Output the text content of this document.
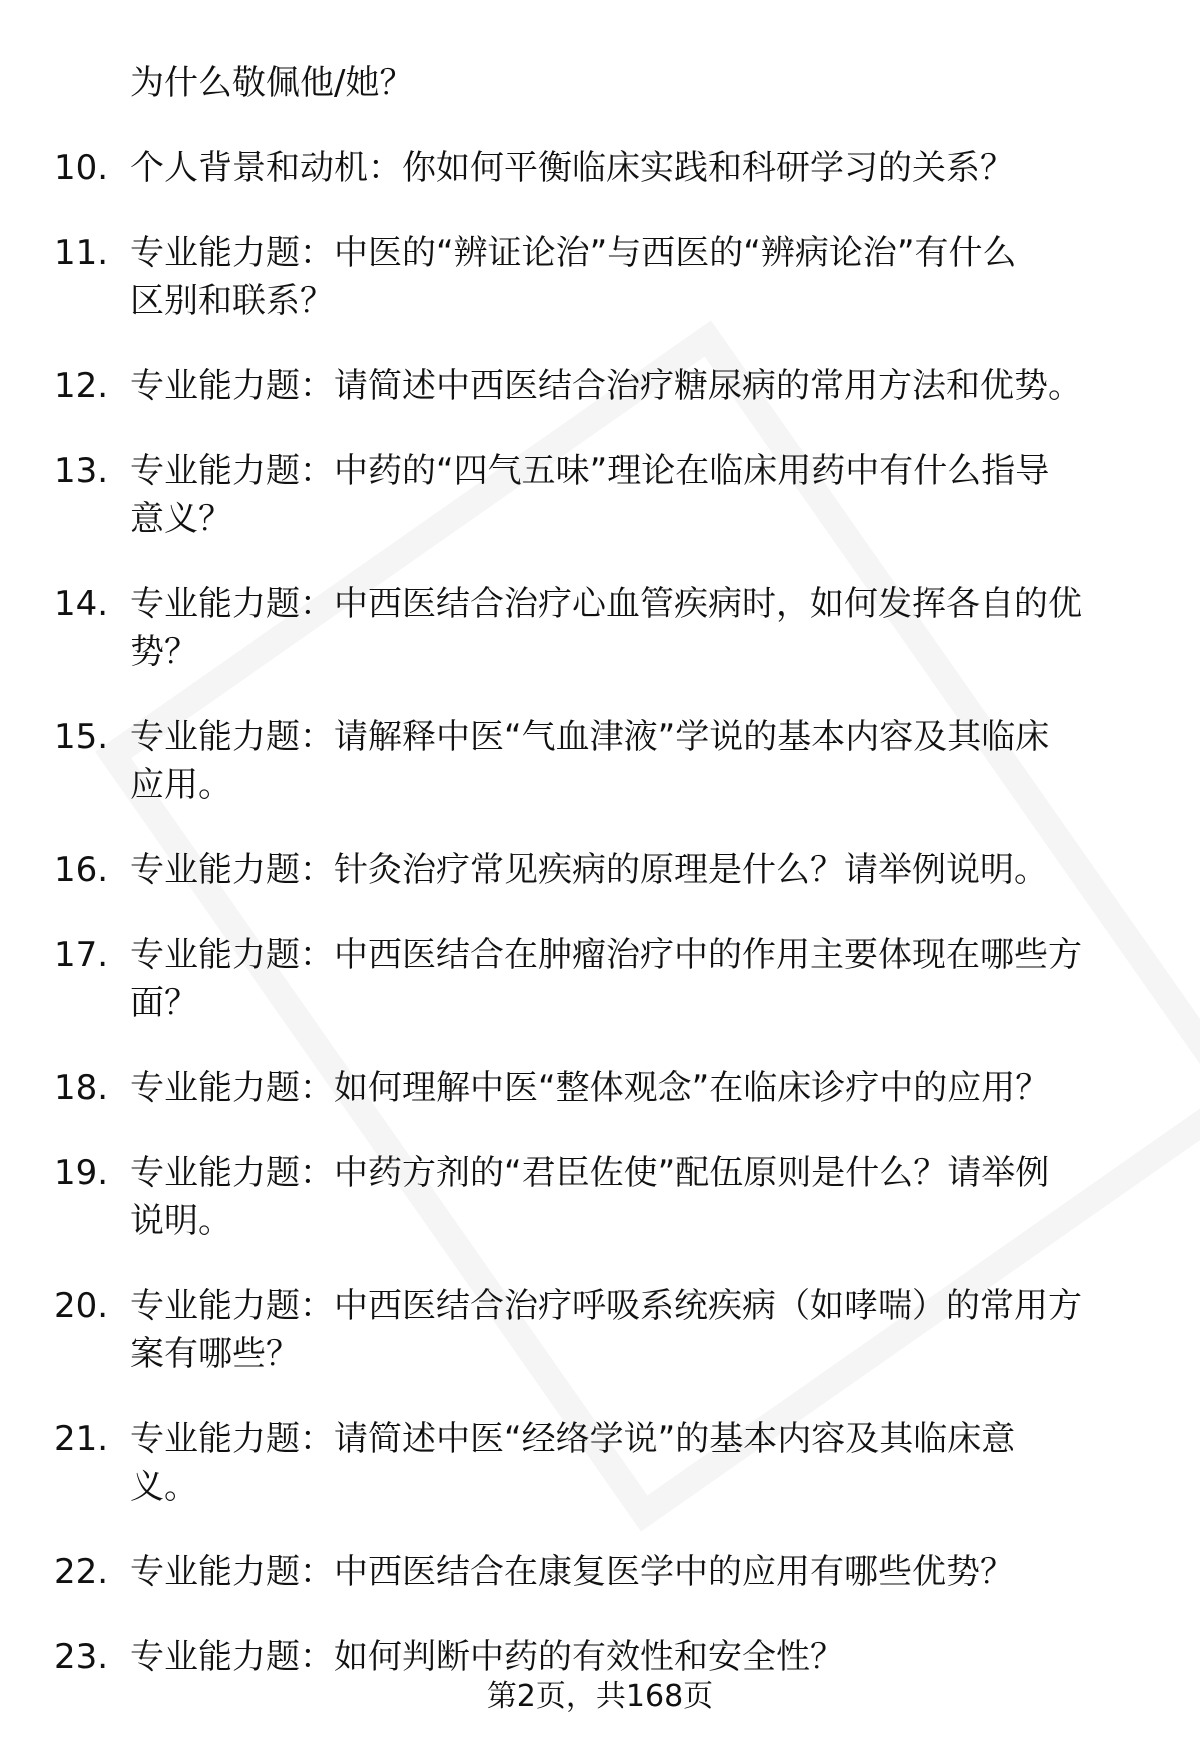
为什么敬佩他/她？
10. 个人背景和动机：你如何平衡临床实践和科研学习的关系？
11. 专业能力题：中医的“辨证论治”与西医的“辨病论治”有什么
区别和联系？
12. 专业能力题：请简述中西医结合治疗糖尿病的常用方法和优势。
13. 专业能力题：中药的“四气五味”理论在临床用药中有什么指导
意义？
14. 专业能力题：中西医结合治疗心血管疾病时，如何发挥各自的优
势？
15. 专业能力题：请解释中医“气血津液”学说的基本内容及其临床
应用。
16. 专业能力题：针灸治疗常见疾病的原理是什么？请举例说明。
17. 专业能力题：中西医结合在肿瘤治疗中的作用主要体现在哪些方
面？
18. 专业能力题：如何理解中医“整体观念”在临床诊疗中的应用？
19. 专业能力题：中药方剂的“君臣佐使”配伍原则是什么？请举例
说明。
20. 专业能力题：中西医结合治疗呼吸系统疾病（如哮喘）的常用方
案有哪些？
21. 专业能力题：请简述中医“经络学说”的基本内容及其临床意
义。
22. 专业能力题：中西医结合在康复医学中的应用有哪些优势？
23. 专业能力题：如何判断中药的有效性和安全性？
第2页，共168页
